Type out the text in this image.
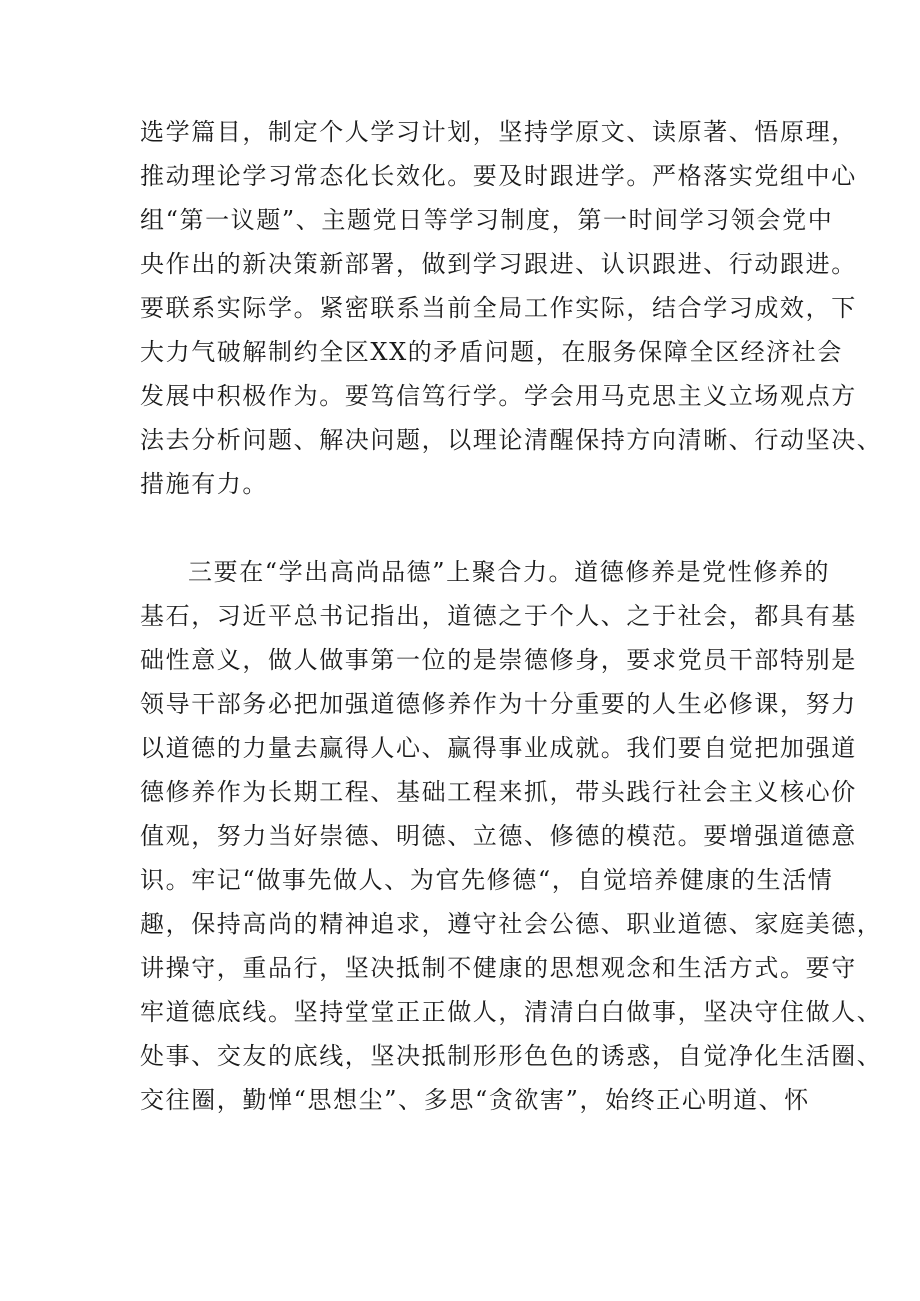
选学篇目，制定个人学习计划，坚持学原文、读原著、悟原理，
推动理论学习常态化长效化。要及时跟进学。严格落实党组中心
组“第一议题”、主题党日等学习制度，第一时间学习领会党中
央作出的新决策新部署，做到学习跟进、认识跟进、行动跟进。
要联系实际学。紧密联系当前全局工作实际，结合学习成效，下
大力气破解制约全区XX的矛盾问题，在服务保障全区经济社会
发展中积极作为。要笃信笃行学。学会用马克思主义立场观点方
法去分析问题、解决问题，以理论清醒保持方向清晰、行动坚决、
措施有力。
三要在“学出高尚品德”上聚合力。道德修养是党性修养的
基石，习近平总书记指出，道德之于个人、之于社会，都具有基
础性意义，做人做事第一位的是崇德修身，要求党员干部特别是
领导干部务必把加强道德修养作为十分重要的人生必修课，努力
以道德的力量去赢得人心、赢得事业成就。我们要自觉把加强道
德修养作为长期工程、基础工程来抓，带头践行社会主义核心价
值观，努力当好崇德、明德、立德、修德的模范。要增强道德意
识。牢记“做事先做人、为官先修德“，自觉培养健康的生活情
趣，保持高尚的精神追求，遵守社会公德、职业道德、家庭美德，
讲操守，重品行，坚决抵制不健康的思想观念和生活方式。要守
牢道德底线。坚持堂堂正正做人，清清白白做事，坚决守住做人、
处事、交友的底线，坚决抵制形形色色的诱惑，自觉净化生活圈、
交往圈，勤惮“思想尘”、多思“贪欲害”，始终正心明道、怀
